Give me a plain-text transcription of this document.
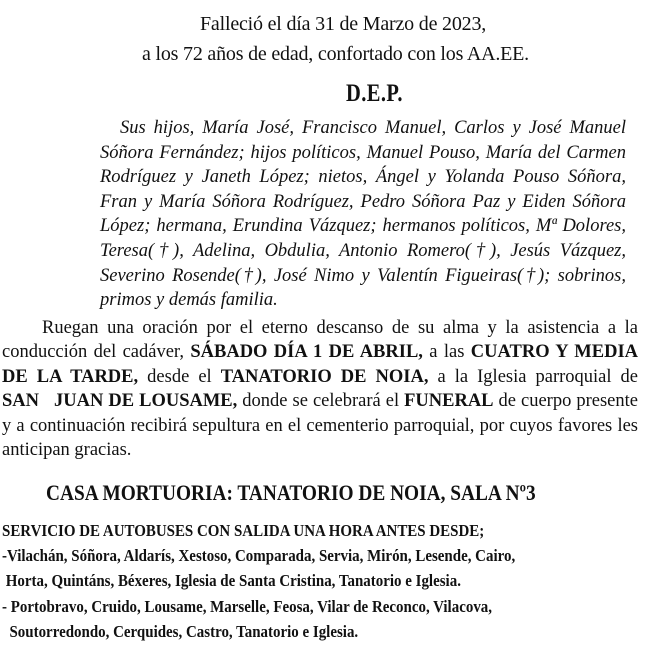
Falleció el día 31 de Marzo de 2023,
a los 72 años de edad, confortado con los AA.EE.
D.E.P.

Sus hijos, María José, Francisco Manuel, Carlos y José Manuel Sóñora Fernández; hijos políticos, Manuel Pouso, María del Carmen Rodríguez y Janeth López; nietos, Ángel y Yolanda Pouso Sóñora, Fran y María Sóñora Rodríguez, Pedro Sóñora Paz y Eiden Sóñora López; hermana, Erundina Vázquez; hermanos políticos, Mª Dolores, Teresa(†), Adelina, Obdulia, Antonio Romero(†), Jesús Vázquez, Severino Rosende(†), José Nimo y Valentín Figueiras(†); sobrinos, primos y demás familia.

Ruegan una oración por el eterno descanso de su alma y la asistencia a la conducción del cadáver, SÁBADO DÍA 1 DE ABRIL, a las CUATRO Y MEDIA DE LA TARDE, desde el TANATORIO DE NOIA, a la Iglesia parroquial de SAN   JUAN DE LOUSAME, donde se celebrará el FUNERAL de cuerpo presente y a continuación recibirá sepultura en el cementerio parroquial, por cuyos favores les anticipan gracias.

CASA MORTUORIA: TANATORIO DE NOIA, SALA Nº3
SERVICIO DE AUTOBUSES CON SALIDA UNA HORA ANTES DESDE;
-Vilachán, Sóñora, Aldarís, Xestoso, Comparada, Servia, Mirón, Lesende, Cairo,
Horta, Quintáns, Béxeres, Iglesia de Santa Cristina, Tanatorio e Iglesia.
- Portobravo, Cruido, Lousame, Marselle, Feosa, Vilar de Reconco, Vilacova,
Soutorredondo, Cerquides, Castro, Tanatorio e Iglesia.
